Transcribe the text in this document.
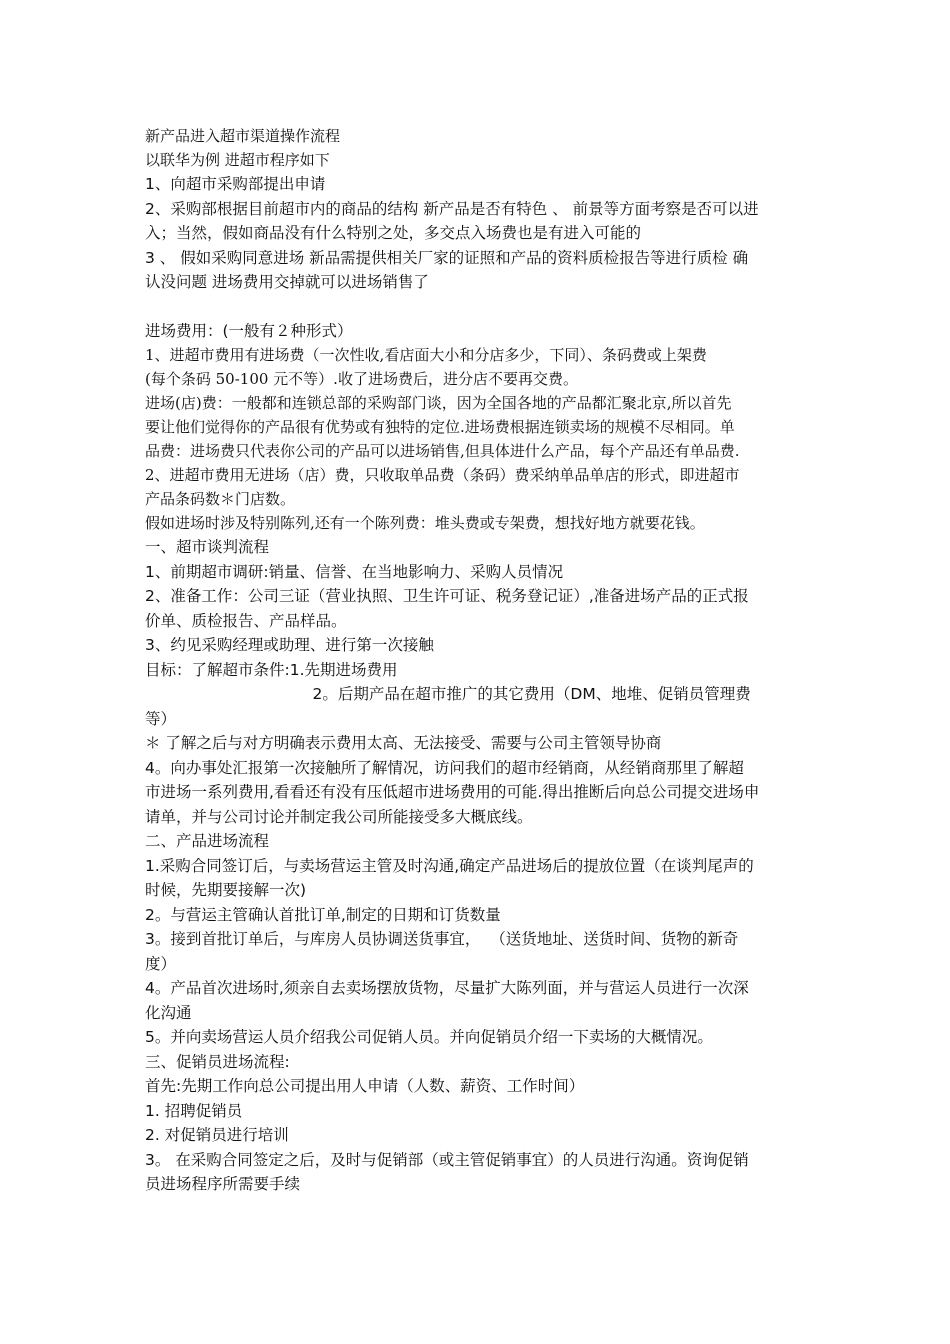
新产品进入超市渠道操作流程

以联华为例 进超市程序如下

1、向超市采购部提出申请

2、采购部根据目前超市内的商品的结构 新产品是否有特色 、 前景等方面考察是否可以进

入；当然，假如商品没有什么特别之处，多交点入场费也是有进入可能的

3 、 假如采购同意进场 新品需提供相关厂家的证照和产品的资料质检报告等进行质检 确

认没问题 进场费用交掉就可以进场销售了

进场费用：(一般有２种形式）

1、进超市费用有进场费（一次性收,看店面大小和分店多少，下同）、条码费或上架费

(每个条码 50-100 元不等）.收了进场费后，进分店不要再交费。

进场(店)费：一般都和连锁总部的采购部门谈，因为全国各地的产品都汇聚北京,所以首先

要让他们觉得你的产品很有优势或有独特的定位.进场费根据连锁卖场的规模不尽相同。单

品费：进场费只代表你公司的产品可以进场销售,但具体进什么产品，每个产品还有单品费.

2、进超市费用无进场（店）费，只收取单品费（条码）费采纳单品单店的形式，即进超市

产品条码数＊门店数。

假如进场时涉及特别陈列,还有一个陈列费：堆头费或专架费，想找好地方就要花钱。

一、超市谈判流程

1、前期超市调研:销量、信誉、在当地影响力、采购人员情况

2、准备工作：公司三证（营业执照、卫生许可证、税务登记证）,准备进场产品的正式报

价单、质检报告、产品样品。

3、约见采购经理或助理、进行第一次接触

目标：了解超市条件:1.先期进场费用

2。后期产品在超市推广的其它费用（DM、地堆、促销员管理费

等）

＊ 了解之后与对方明确表示费用太高、无法接受、需要与公司主管领导协商

4。向办事处汇报第一次接触所了解情况，访问我们的超市经销商，从经销商那里了解超

市进场一系列费用,看看还有没有压低超市进场费用的可能.得出推断后向总公司提交进场申

请单，并与公司讨论并制定我公司所能接受多大概底线。

二、产品进场流程

1.采购合同签订后，与卖场营运主管及时沟通,确定产品进场后的提放位置（在谈判尾声的

时候，先期要接解一次)

2。与营运主管确认首批订单,制定的日期和订货数量

3。接到首批订单后，与库房人员协调送货事宜，  （送货地址、送货时间、货物的新奇

度）

4。产品首次进场时,须亲自去卖场摆放货物，尽量扩大陈列面，并与营运人员进行一次深

化沟通

5。并向卖场营运人员介绍我公司促销人员。并向促销员介绍一下卖场的大概情况。

三、促销员进场流程:

首先:先期工作向总公司提出用人申请（人数、薪资、工作时间）

1. 招聘促销员

2. 对促销员进行培训

3。 在采购合同签定之后，及时与促销部（或主管促销事宜）的人员进行沟通。资询促销

员进场程序所需要手续
